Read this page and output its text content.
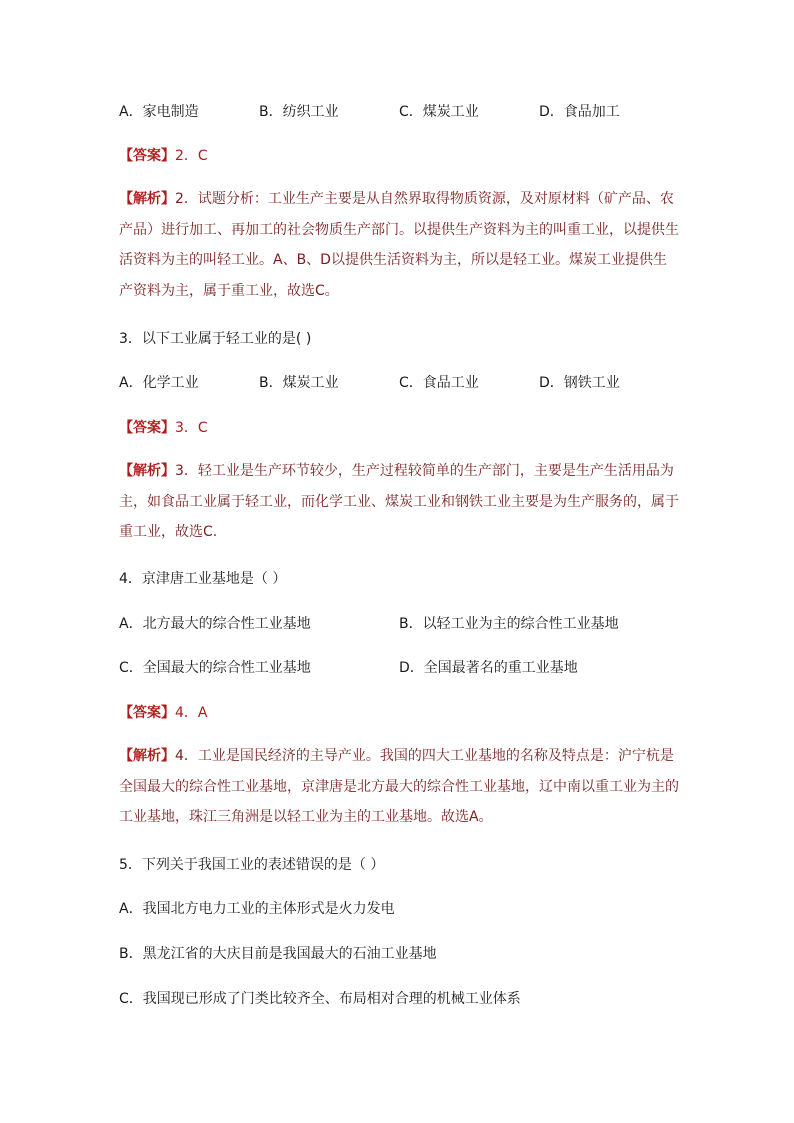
A．家电制造	B．纺织工业	C．煤炭工业	D．食品加工
【答案】2．C
【解析】2．试题分析：工业生产主要是从自然界取得物质资源，及对原材料（矿产品、农产品）进行加工、再加工的社会物质生产部门。以提供生产资料为主的叫重工业，以提供生活资料为主的叫轻工业。A、B、D以提供生活资料为主，所以是轻工业。煤炭工业提供生产资料为主，属于重工业，故选C。
3．以下工业属于轻工业的是( )
A．化学工业	B．煤炭工业	C．食品工业	D．钢铁工业
【答案】3．C
【解析】3．轻工业是生产环节较少，生产过程较简单的生产部门，主要是生产生活用品为主，如食品工业属于轻工业，而化学工业、煤炭工业和钢铁工业主要是为生产服务的，属于重工业，故选C.
4．京津唐工业基地是（ ）
A．北方最大的综合性工业基地	B．以轻工业为主的综合性工业基地
C．全国最大的综合性工业基地	D．全国最著名的重工业基地
【答案】4．A
【解析】4．工业是国民经济的主导产业。我国的四大工业基地的名称及特点是：沪宁杭是全国最大的综合性工业基地，京津唐是北方最大的综合性工业基地，辽中南以重工业为主的工业基地，珠江三角洲是以轻工业为主的工业基地。故选A。
5．下列关于我国工业的表述错误的是（ ）
A．我国北方电力工业的主体形式是火力发电
B．黑龙江省的大庆目前是我国最大的石油工业基地
C．我国现已形成了门类比较齐全、布局相对合理的机械工业体系
